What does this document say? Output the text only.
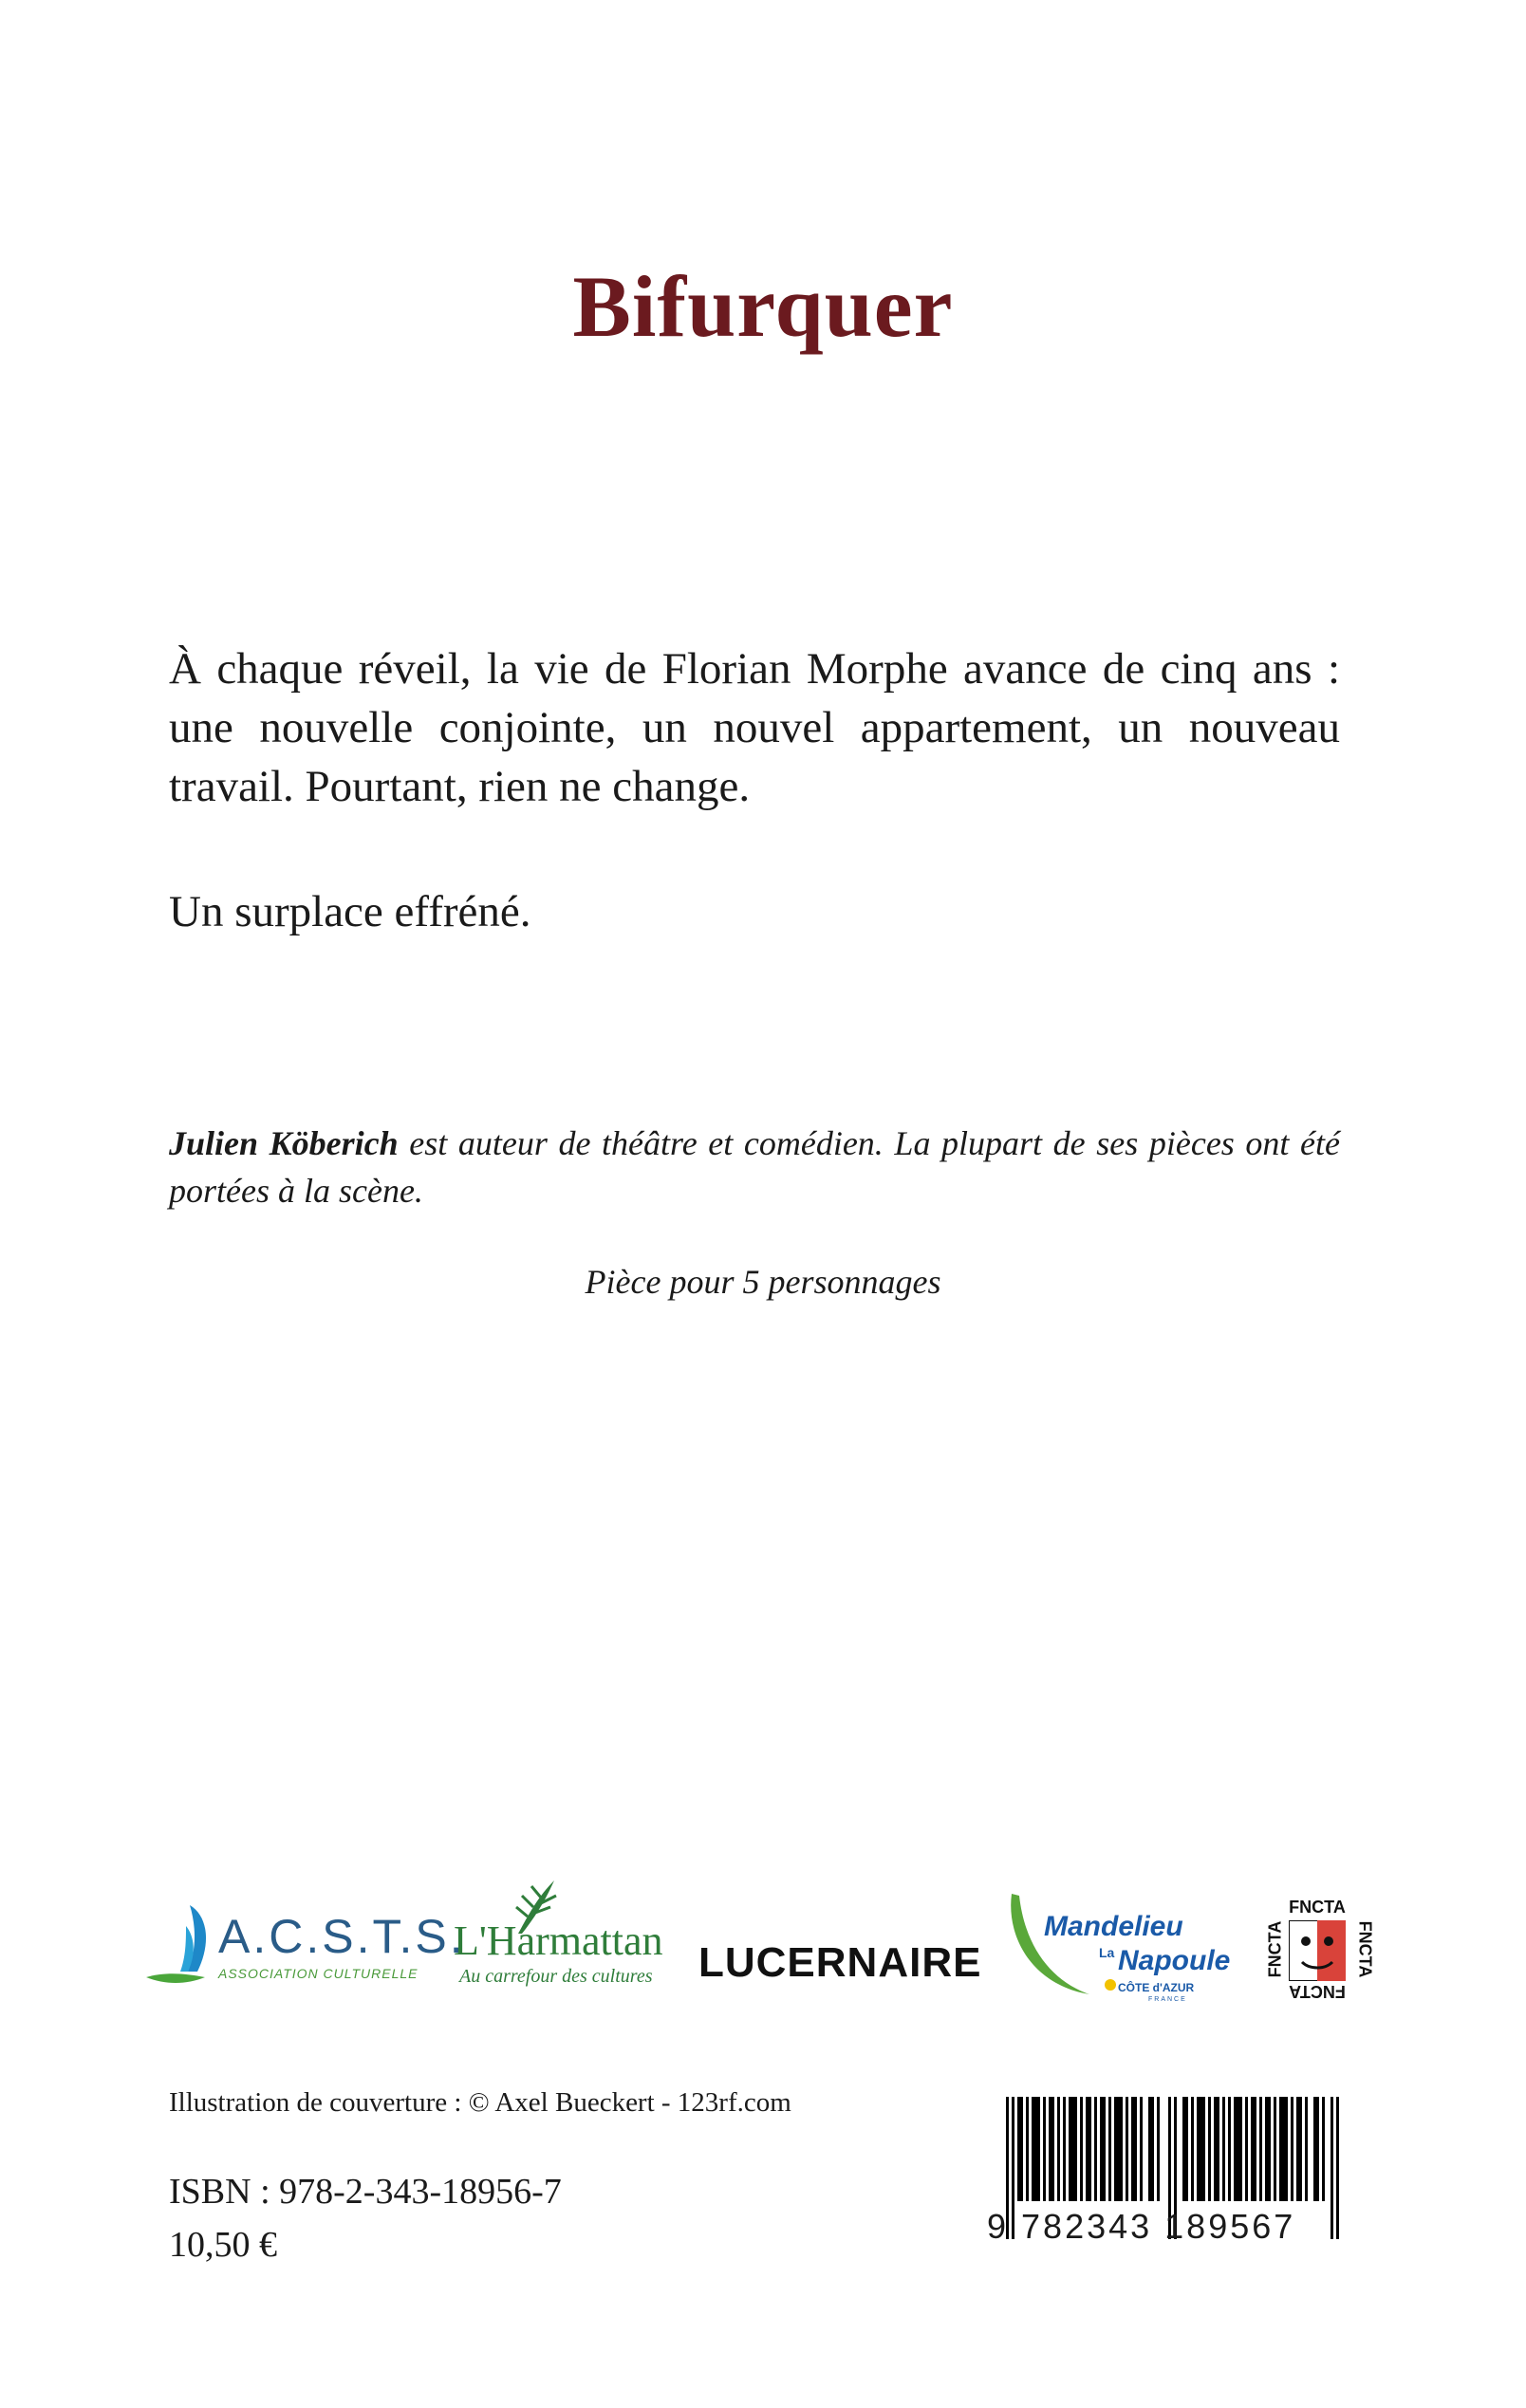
Bifurquer

À chaque réveil, la vie de Florian Morphe avance de cinq ans : une nouvelle conjointe, un nouvel appartement, un nouveau travail. Pourtant, rien ne change.

Un surplace effréné.

Julien Köberich est auteur de théâtre et comédien. La plupart de ses pièces ont été portées à la scène.

Pièce pour 5 personnages

A.C.S.T.S.
ASSOCIATION CULTURELLE
L'Harmattan
Au carrefour des cultures LUCERNAIRE
Mandelieu
La Napoule
CÔTE d'AZUR
FRANCE
FNCTA
FNCTA	FNCTA
FNCTA

Illustration de couverture : © Axel Bueckert - 123rf.com

ISBN : 978-2-343-18956-7

10,50 €	9 782343 189567
